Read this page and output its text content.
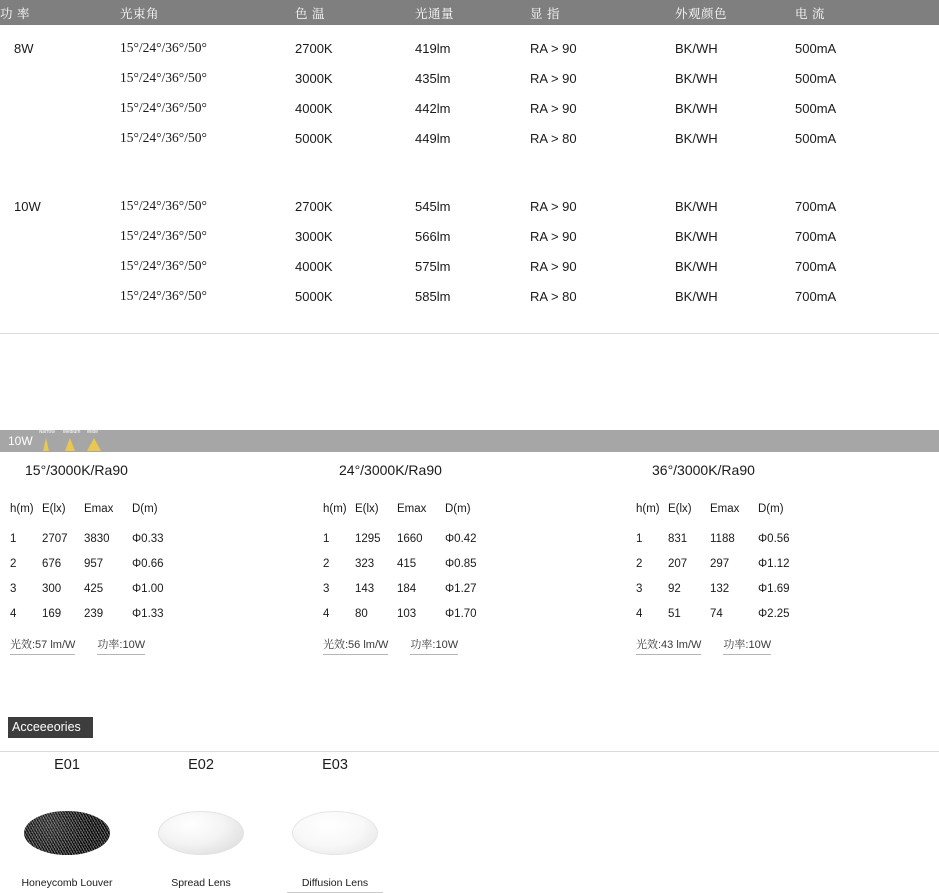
功 率	光束角	色 温	光通量	显 指	外观颜色	电 流
8W	15°/24°/36°/50°	2700K	419lm	RA > 90	BK/WH	500mA
15°/24°/36°/50°	3000K	435lm	RA > 90	BK/WH	500mA
15°/24°/36°/50°	4000K	442lm	RA > 90	BK/WH	500mA
15°/24°/36°/50°	5000K	449lm	RA > 80	BK/WH	500mA
10W	15°/24°/36°/50°	2700K	545lm	RA > 90	BK/WH	700mA
15°/24°/36°/50°	3000K	566lm	RA > 90	BK/WH	700mA
15°/24°/36°/50°	4000K	575lm	RA > 90	BK/WH	700mA
15°/24°/36°/50°	5000K	585lm	RA > 80	BK/WH	700mA
10W
Narrow Medium Wide
15°/3000K/Ra90
h(m)	E(lx)	Emax	D(m)
1	2707	3830	Φ0.33
2	676	957	Φ0.66
3	300	425	Φ1.00
4	169	239	Φ1.33
光效:57 lm/W 功率:10W
24°/3000K/Ra90
h(m)	E(lx)	Emax	D(m)
1	1295	1660	Φ0.42
2	323	415	Φ0.85
3	143	184	Φ1.27
4	80	103	Φ1.70
光效:56 lm/W 功率:10W
36°/3000K/Ra90
h(m)	E(lx)	Emax	D(m)
1	831	1188	Φ0.56
2	207	297	Φ1.12
3	92	132	Φ1.69
4	51	74	Φ2.25
光效:43 lm/W 功率:10W
Acceeeories
E01
Honeycomb Louver
E02
Spread Lens
E03
Diffusion Lens
